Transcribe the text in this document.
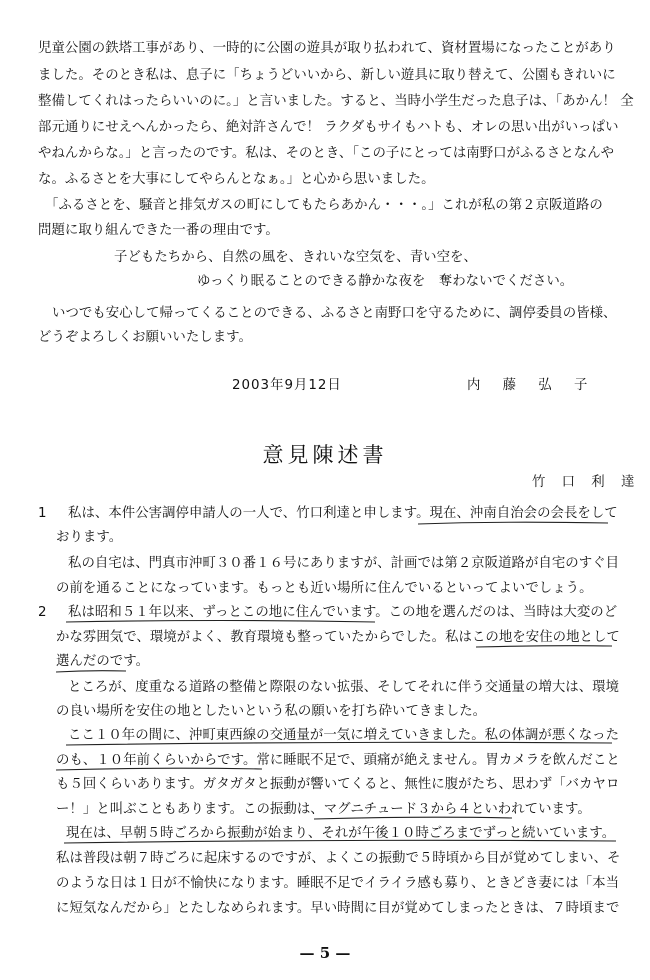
児童公園の鉄塔工事があり、一時的に公園の遊具が取り払われて、資材置場になったことがあり
ました。そのとき私は、息子に「ちょうどいいから、新しい遊具に取り替えて、公園もきれいに
整備してくれはったらいいのに。」と言いました。すると、当時小学生だった息子は、「あかん！ 全
部元通りにせえへんかったら、絶対許さんで！ ラクダもサイもハトも、オレの思い出がいっぱい
やねんからな。」と言ったのです。私は、そのとき、「この子にとっては南野口がふるさとなんや
な。ふるさとを大事にしてやらんとなぁ。」と心から思いました。
「ふるさとを、騒音と排気ガスの町にしてもたらあかん・・・。」これが私の第２京阪道路の
問題に取り組んできた一番の理由です。
子どもたちから、自然の風を、きれいな空気を、青い空を、
ゆっくり眠ることのできる静かな夜を　奪わないでください。
いつでも安心して帰ってくることのできる、ふるさと南野口を守るために、調停委員の皆様、
どうぞよろしくお願いいたします。
2003年9月12日	内 藤 弘 子
意見陳述書
竹 口 利 達
1 私は、本件公害調停申請人の一人で、竹口利達と申します。現在、沖南自治会の会長をして
おります。
私の自宅は、門真市沖町３０番１６号にありますが、計画では第２京阪道路が自宅のすぐ目
の前を通ることになっています。もっとも近い場所に住んでいるといってよいでしょう。
2 私は昭和５１年以来、ずっとこの地に住んでいます。この地を選んだのは、当時は大変のど
かな雰囲気で、環境がよく、教育環境も整っていたからでした。私はこの地を安住の地として
選んだのです。
ところが、度重なる道路の整備と際限のない拡張、そしてそれに伴う交通量の増大は、環境
の良い場所を安住の地としたいという私の願いを打ち砕いてきました。
ここ１０年の間に、沖町東西線の交通量が一気に増えていきました。私の体調が悪くなった
のも、１０年前くらいからです。常に睡眠不足で、頭痛が絶えません。胃カメラを飲んだこと
も５回くらいあります。ガタガタと振動が響いてくると、無性に腹がたち、思わず「バカヤロ
ー！」と叫ぶこともあります。この振動は、マグニチュード３から４といわれています。
現在は、早朝５時ごろから振動が始まり、それが午後１０時ごろまでずっと続いています。
私は普段は朝７時ごろに起床するのですが、よくこの振動で５時頃から目が覚めてしまい、そ
のような日は１日が不愉快になります。睡眠不足でイライラ感も募り、ときどき妻には「本当
に短気なんだから」とたしなめられます。早い時間に目が覚めてしまったときは、７時頃まで
— 5 —
